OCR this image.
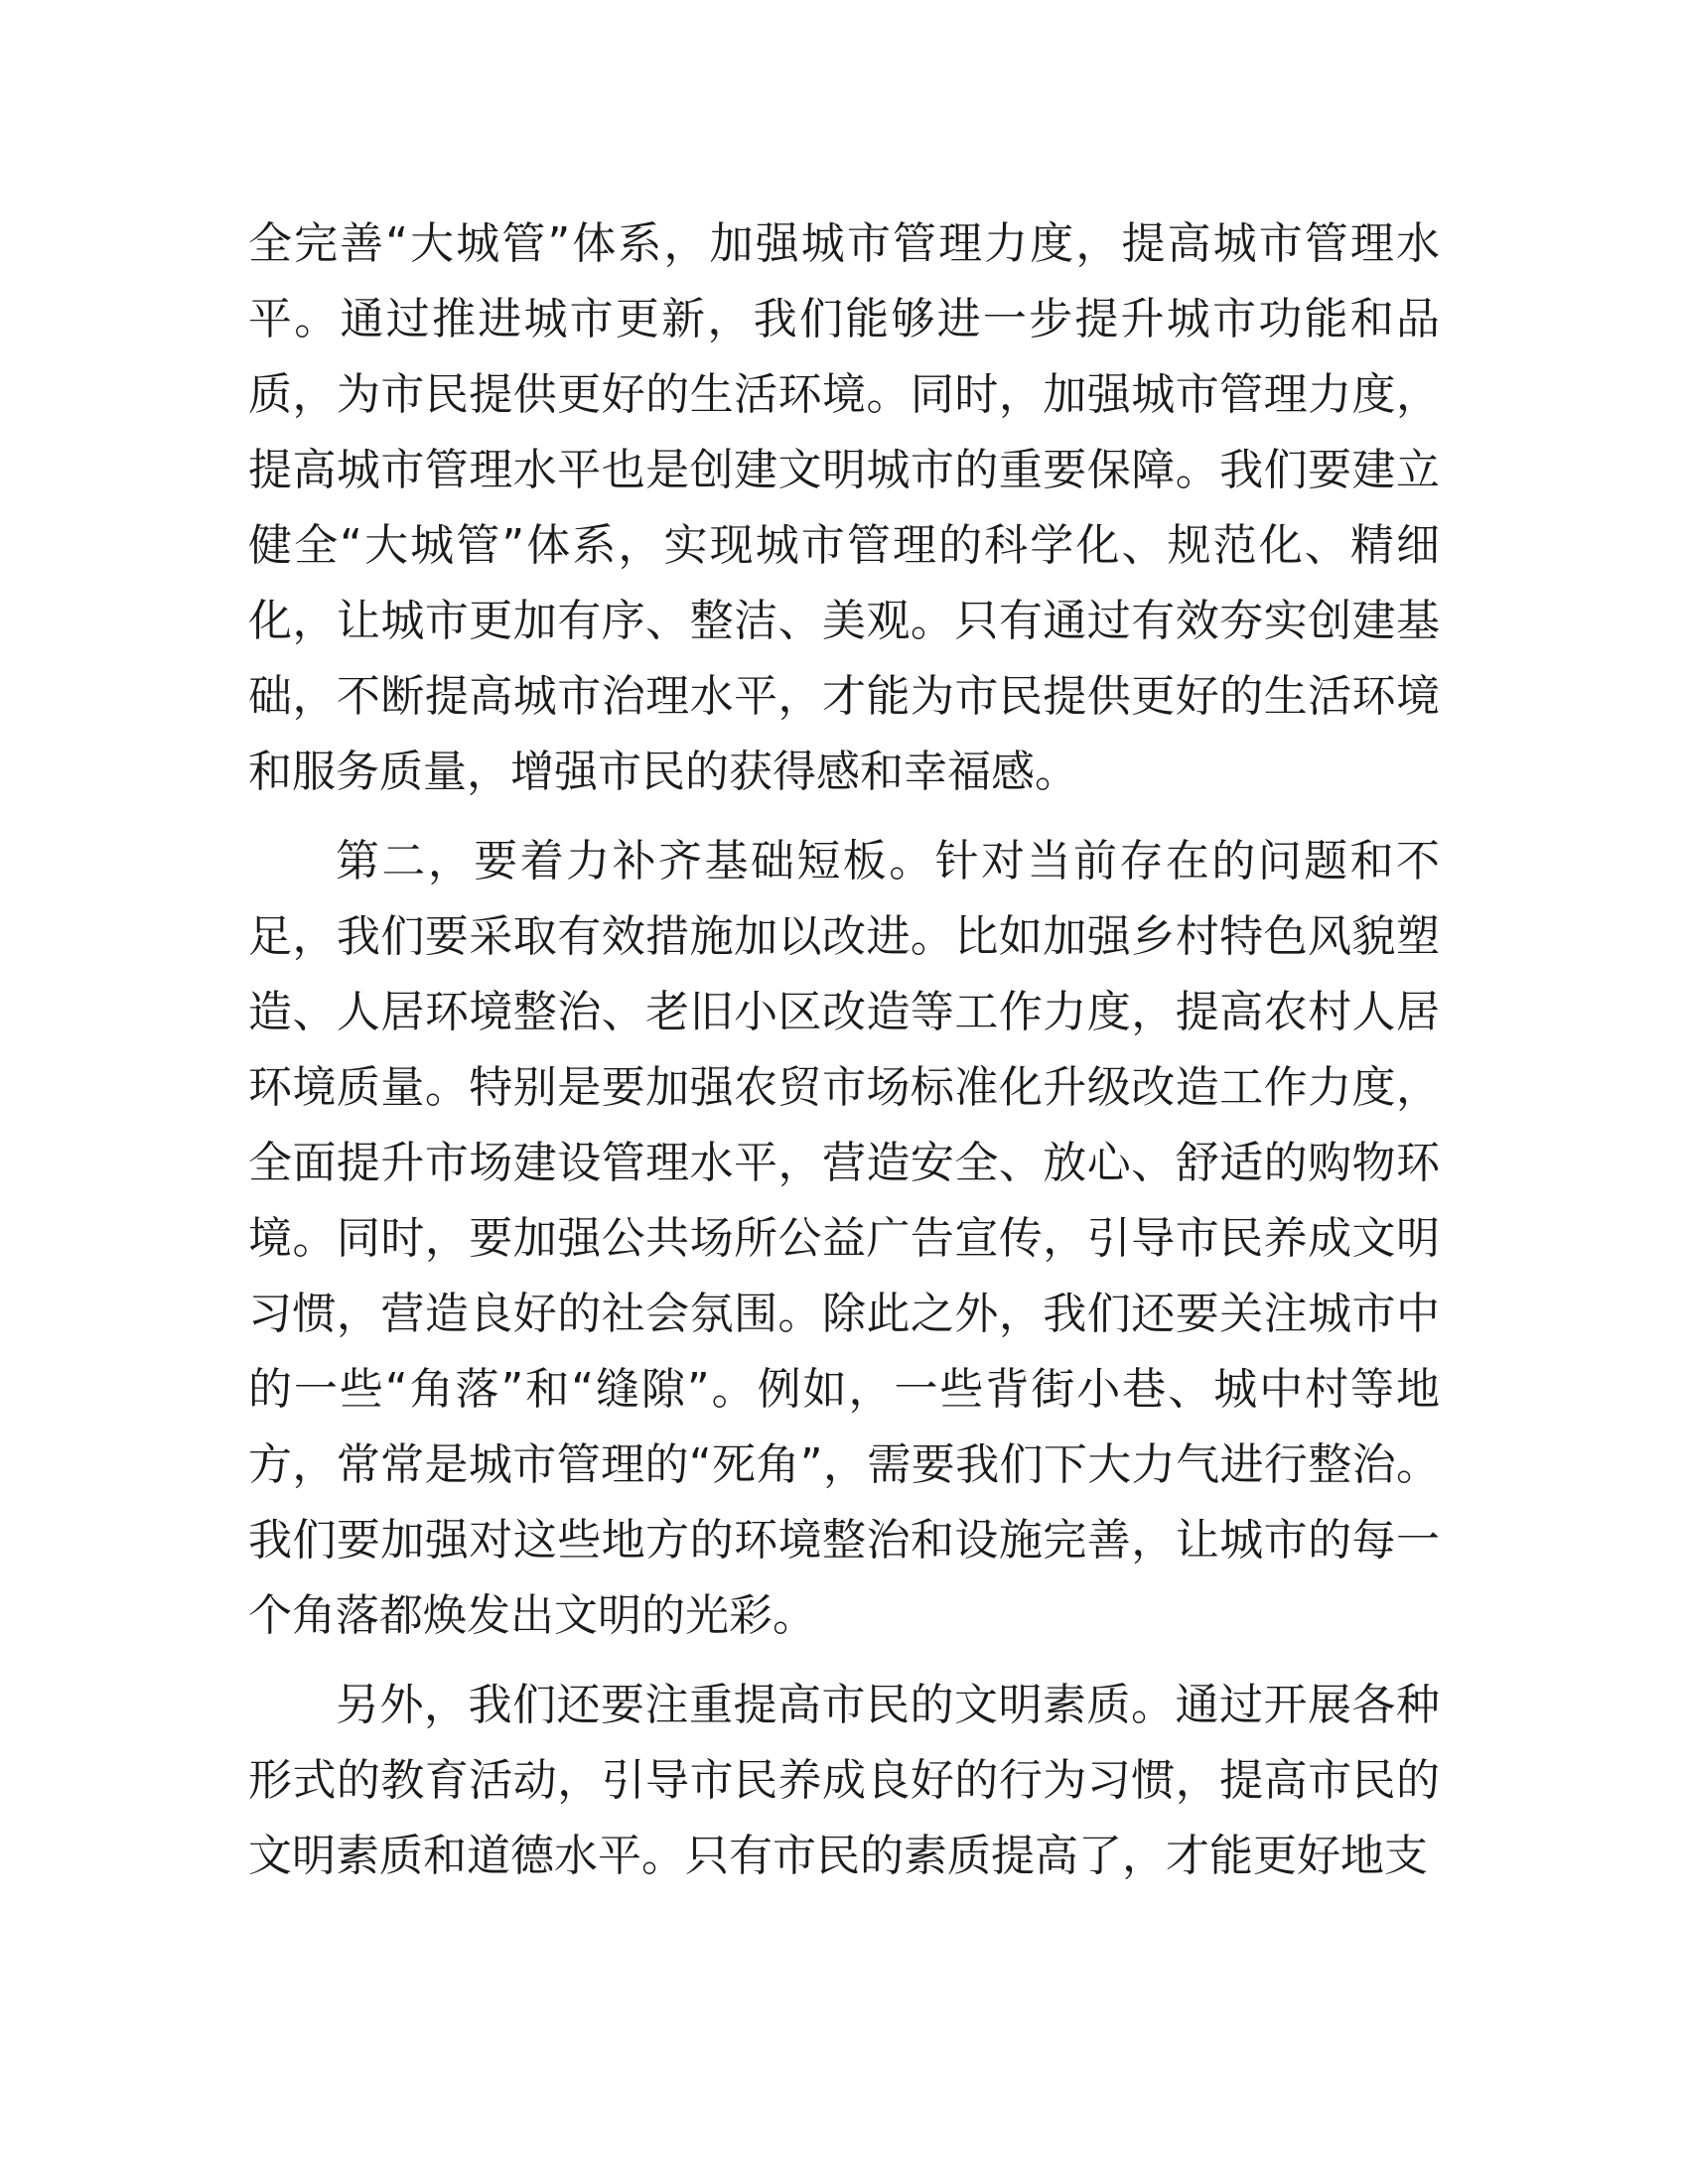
全完善“大城管”体系，加强城市管理力度，提高城市管理水平。通过推进城市更新，我们能够进一步提升城市功能和品质，为市民提供更好的生活环境。同时，加强城市管理力度，提高城市管理水平也是创建文明城市的重要保障。我们要建立健全“大城管”体系，实现城市管理的科学化、规范化、精细化，让城市更加有序、整洁、美观。只有通过有效夯实创建基础，不断提高城市治理水平，才能为市民提供更好的生活环境和服务质量，增强市民的获得感和幸福感。

第二，要着力补齐基础短板。针对当前存在的问题和不足，我们要采取有效措施加以改进。比如加强乡村特色风貌塑造、人居环境整治、老旧小区改造等工作力度，提高农村人居环境质量。特别是要加强农贸市场标准化升级改造工作力度，全面提升市场建设管理水平，营造安全、放心、舒适的购物环境。同时，要加强公共场所公益广告宣传，引导市民养成文明习惯，营造良好的社会氛围。除此之外，我们还要关注城市中的一些“角落”和“缝隙”。例如，一些背街小巷、城中村等地方，常常是城市管理的“死角”，需要我们下大力气进行整治。我们要加强对这些地方的环境整治和设施完善，让城市的每一个角落都焕发出文明的光彩。

另外，我们还要注重提高市民的文明素质。通过开展各种形式的教育活动，引导市民养成良好的行为习惯，提高市民的文明素质和道德水平。只有市民的素质提高了，才能更好地支
